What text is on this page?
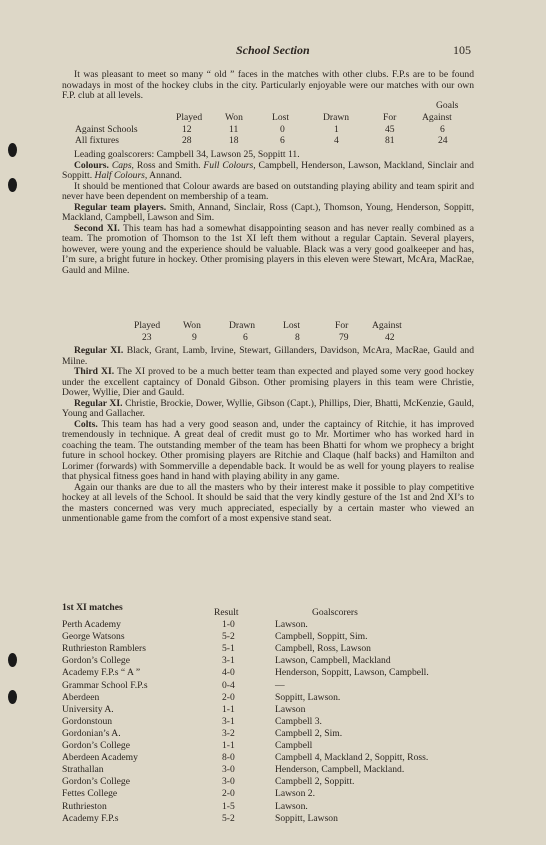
School Section	105

It was pleasant to meet so many “ old ” faces in the matches with other clubs. F.P.s are to be found nowadays in most of the hockey clubs in the city. Particularly enjoyable were our matches with our own F.P. club at all levels.

Goals
Played Won	Lost	Drawn	For	Against
Against Schools	12	11	0	1	45	6
All fixtures	28	18	6	4	81	24

Leading goalscorers: Campbell 34, Lawson 25, Soppitt 11.

Colours. Caps, Ross and Smith. Full Colours, Campbell, Henderson, Lawson, Mackland, Sinclair and Soppitt. Half Colours, Annand.

It should be mentioned that Colour awards are based on outstanding playing ability and team spirit and never have been dependent on membership of a team.

Regular team players. Smith, Annand, Sinclair, Ross (Capt.), Thomson, Young, Henderson, Soppitt, Mackland, Campbell, Lawson and Sim.

Second XI. This team has had a somewhat disappointing season and has never really combined as a team. The promotion of Thomson to the 1st XI left them without a regular Captain. Several players, however, were young and the experience should be valuable. Black was a very good goalkeeper and has, I’m sure, a bright future in hockey. Other promising players in this eleven were Stewart, McAra, MacRae, Gauld and Milne.

Played Won	Drawn	Lost	For Against
23	9	6	8	79	42

Regular XI. Black, Grant, Lamb, Irvine, Stewart, Gillanders, Davidson, McAra, MacRae, Gauld and Milne.

Third XI. The XI proved to be a much better team than expected and played some very good hockey under the excellent captaincy of Donald Gibson. Other promising players in this team were Christie, Dower, Wyllie, Dier and Gauld.

Regular XI. Christie, Brockie, Dower, Wyllie, Gibson (Capt.), Phillips, Dier, Bhatti, McKenzie, Gauld, Young and Gallacher.

Colts. This team has had a very good season and, under the captaincy of Ritchie, it has improved tremendously in technique. A great deal of credit must go to Mr. Mortimer who has worked hard in coaching the team. The outstanding member of the team has been Bhatti for whom we prophecy a bright future in school hockey. Other promising players are Ritchie and Claque (half backs) and Hamilton and Lorimer (forwards) with Sommerville a dependable back. It would be as well for young players to realise that physical fitness goes hand in hand with playing ability in any game.

Again our thanks are due to all the masters who by their interest make it possible to play competitive hockey at all levels of the School. It should be said that the very kindly gesture of the 1st and 2nd XI’s to the masters concerned was very much appreciated, especially by a certain master who viewed an unmentionable game from the comfort of a most expensive stand seat.

1st XI matches	Result	Goalscorers
Perth Academy	1-0	Lawson.
George Watsons	5-2	Campbell, Soppitt, Sim.
Ruthrieston Ramblers	5-1	Campbell, Ross, Lawson
Gordon’s College	3-1	Lawson, Campbell, Mackland
Academy F.P.s “ A ”	4-0	Henderson, Soppitt, Lawson, Campbell.
Grammar School F.P.s	0-4	—
Aberdeen	2-0	Soppitt, Lawson.
University A.	1-1	Lawson
Gordonstoun	3-1	Campbell 3.
Gordonian’s A.	3-2	Campbell 2, Sim.
Gordon’s College	1-1	Campbell
Aberdeen Academy	8-0	Campbell 4, Mackland 2, Soppitt, Ross.
Strathallan	3-0	Henderson, Campbell, Mackland.
Gordon’s College	3-0	Campbell 2, Soppitt.
Fettes College	2-0	Lawson 2.
Ruthrieston	1-5	Lawson.
Academy F.P.s	5-2	Soppitt, Lawson
